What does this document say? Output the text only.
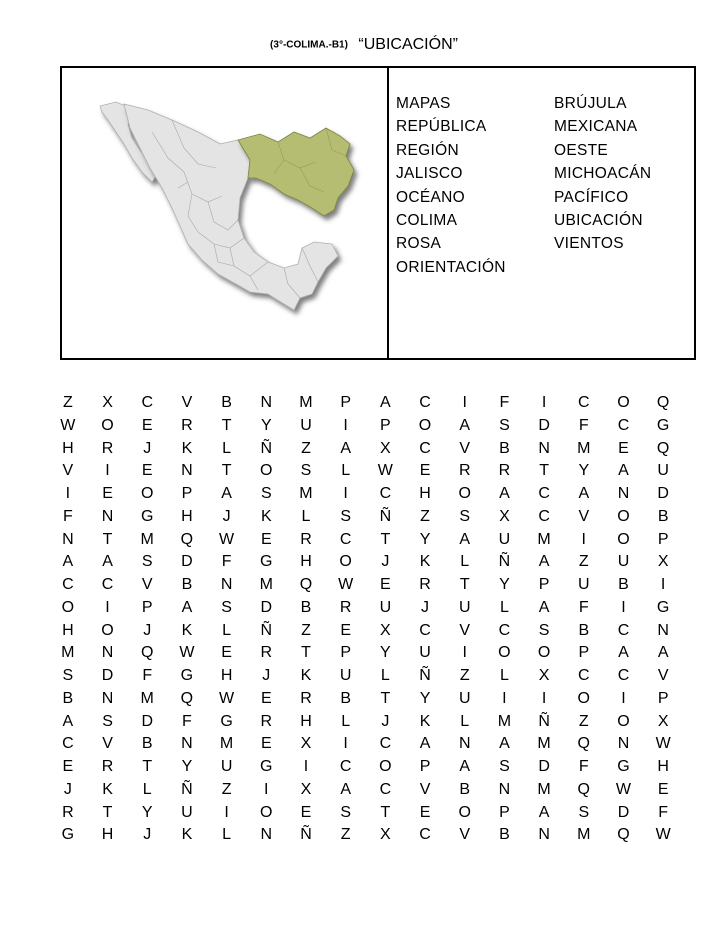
(3°-COLIMA.-B1) “UBICACIÓN”
MAPAS	BRÚJULA
REPÚBLICA	MEXICANA
REGIÓN	OESTE
JALISCO	MICHOACÁN
OCÉANO	PACÍFICO
COLIMA	UBICACIÓN
ROSA	VIENTOS
ORIENTACIÓN
Z	X	C	V	B	N	M	P	A	C	I	F	I	C	O	Q
W	O	E	R	T	Y	U	I	P	O	A	S	D	F	C	G
H	R	J	K	L	Ñ	Z	A	X	C	V	B	N	M	E	Q
V	I	E	N	T	O	S	L	W	E	R	R	T	Y	A	U
I	E	O	P	A	S	M	I	C	H	O	A	C	A	N	D
F	N	G	H	J	K	L	S	Ñ	Z	S	X	C	V	O	B
N	T	M	Q	W	E	R	C	T	Y	A	U	M	I	O	P
A	A	S	D	F	G	H	O	J	K	L	Ñ	A	Z	U	X
C	C	V	B	N	M	Q	W	E	R	T	Y	P	U	B	I
O	I	P	A	S	D	B	R	U	J	U	L	A	F	I	G
H	O	J	K	L	Ñ	Z	E	X	C	V	C	S	B	C	N
M	N	Q	W	E	R	T	P	Y	U	I	O	O	P	A	A
S	D	F	G	H	J	K	U	L	Ñ	Z	L	X	C	C	V
B	N	M	Q	W	E	R	B	T	Y	U	I	I	O	I	P
A	S	D	F	G	R	H	L	J	K	L	M	Ñ	Z	O	X
C	V	B	N	M	E	X	I	C	A	N	A	M	Q	N	W
E	R	T	Y	U	G	I	C	O	P	A	S	D	F	G	H
J	K	L	Ñ	Z	I	X	A	C	V	B	N	M	Q	W	E
R	T	Y	U	I	O	E	S	T	E	O	P	A	S	D	F
G	H	J	K	L	N	Ñ	Z	X	C	V	B	N	M	Q	W
